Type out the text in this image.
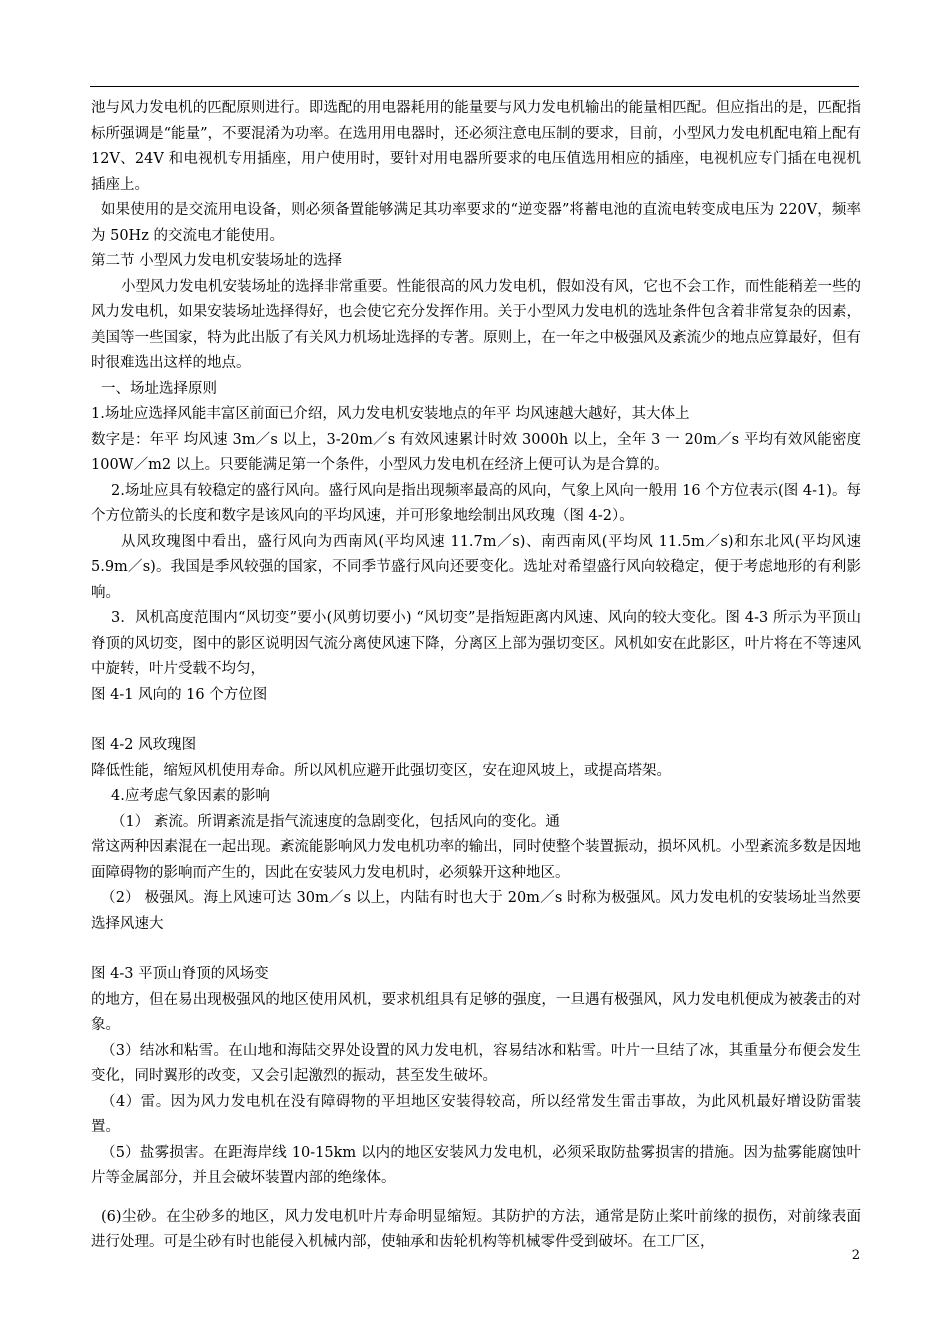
池与风力发电机的匹配原则进行。即选配的用电器耗用的能量要与风力发电机输出的能量相匹配。但应指出的是，匹配指标所强调是“能量”，不要混淆为功率。在选用用电器时，还必须注意电压制的要求，目前，小型风力发电机配电箱上配有 12V、24V 和电视机专用插座，用户使用时，要针对用电器所要求的电压值选用相应的插座，电视机应专门插在电视机插座上。

如果使用的是交流用电设备，则必须备置能够满足其功率要求的“逆变器”将蓄电池的直流电转变成电压为 220V，频率为 50Hz 的交流电才能使用。

第二节 小型风力发电机安装场址的选择

小型风力发电机安装场址的选择非常重要。性能很高的风力发电机，假如没有风，它也不会工作，而性能稍差一些的风力发电机，如果安装场址选择得好，也会使它充分发挥作用。关于小型风力发电机的选址条件包含着非常复杂的因素，美国等一些国家，特为此出版了有关风力机场址选择的专著。原则上，在一年之中极强风及紊流少的地点应算最好，但有时很难选出这样的地点。

一、场址选择原则

1.场址应选择风能丰富区前面已介绍，风力发电机安装地点的年平 均风速越大越好，其大体上

数字是：年平 均风速 3m／s 以上，3-20m／s 有效风速累计时效 3000h 以上，全年 3 一 20m／s 平均有效风能密度 100W／m2 以上。只要能满足第一个条件，小型风力发电机在经济上便可认为是合算的。

2.场址应具有较稳定的盛行风向。盛行风向是指出现频率最高的风向，气象上风向一般用 16 个方位表示(图 4-1)。每个方位箭头的长度和数字是该风向的平均风速，并可形象地绘制出风玫瑰（图 4-2）。

从风玫瑰图中看出，盛行风向为西南风(平均风速 11.7m／s)、南西南风(平均风 11.5m／s)和东北风(平均风速 5.9m／s)。我国是季风较强的国家，不同季节盛行风向还要变化。选址对希望盛行风向较稳定，便于考虑地形的有利影响。

3．风机高度范围内“风切变”要小(风剪切要小) “风切变”是指短距离内风速、风向的较大变化。图 4-3 所示为平顶山脊顶的风切变，图中的影区说明因气流分离使风速下降，分离区上部为强切变区。风机如安在此影区，叶片将在不等速风中旋转，叶片受载不均匀，

图 4-1 风向的 16 个方位图

图 4-2 风玫瑰图

降低性能，缩短风机使用寿命。所以风机应避开此强切变区，安在迎风坡上，或提高塔架。

4.应考虑气象因素的影响

（1） 紊流。所谓紊流是指气流速度的急剧变化，包括风向的变化。通

常这两种因素混在一起出现。紊流能影响风力发电机功率的输出，同时使整个装置振动，损坏风机。小型紊流多数是因地面障碍物的影响而产生的，因此在安装风力发电机时，必须躲开这种地区。

（2） 极强风。海上风速可达 30m／s 以上，内陆有时也大于 20m／s 时称为极强风。风力发电机的安装场址当然要选择风速大

图 4-3 平顶山脊顶的风场变

的地方，但在易出现极强风的地区使用风机，要求机组具有足够的强度，一旦遇有极强风，风力发电机便成为被袭击的对象。

（3）结冰和粘雪。在山地和海陆交界处设置的风力发电机，容易结冰和粘雪。叶片一旦结了冰，其重量分布便会发生变化，同时翼形的改变，又会引起激烈的振动，甚至发生破坏。

（4）雷。因为风力发电机在没有障碍物的平坦地区安装得较高，所以经常发生雷击事故，为此风机最好增设防雷装置。

（5）盐雾损害。在距海岸线 10-15km 以内的地区安装风力发电机，必须采取防盐雾损害的措施。因为盐雾能腐蚀叶片等金属部分，并且会破坏装置内部的绝缘体。

(6)尘砂。在尘砂多的地区，风力发电机叶片寿命明显缩短。其防护的方法，通常是防止桨叶前缘的损伤，对前缘表面进行处理。可是尘砂有时也能侵入机械内部，使轴承和齿轮机构等机械零件受到破坏。在工厂区，

2
